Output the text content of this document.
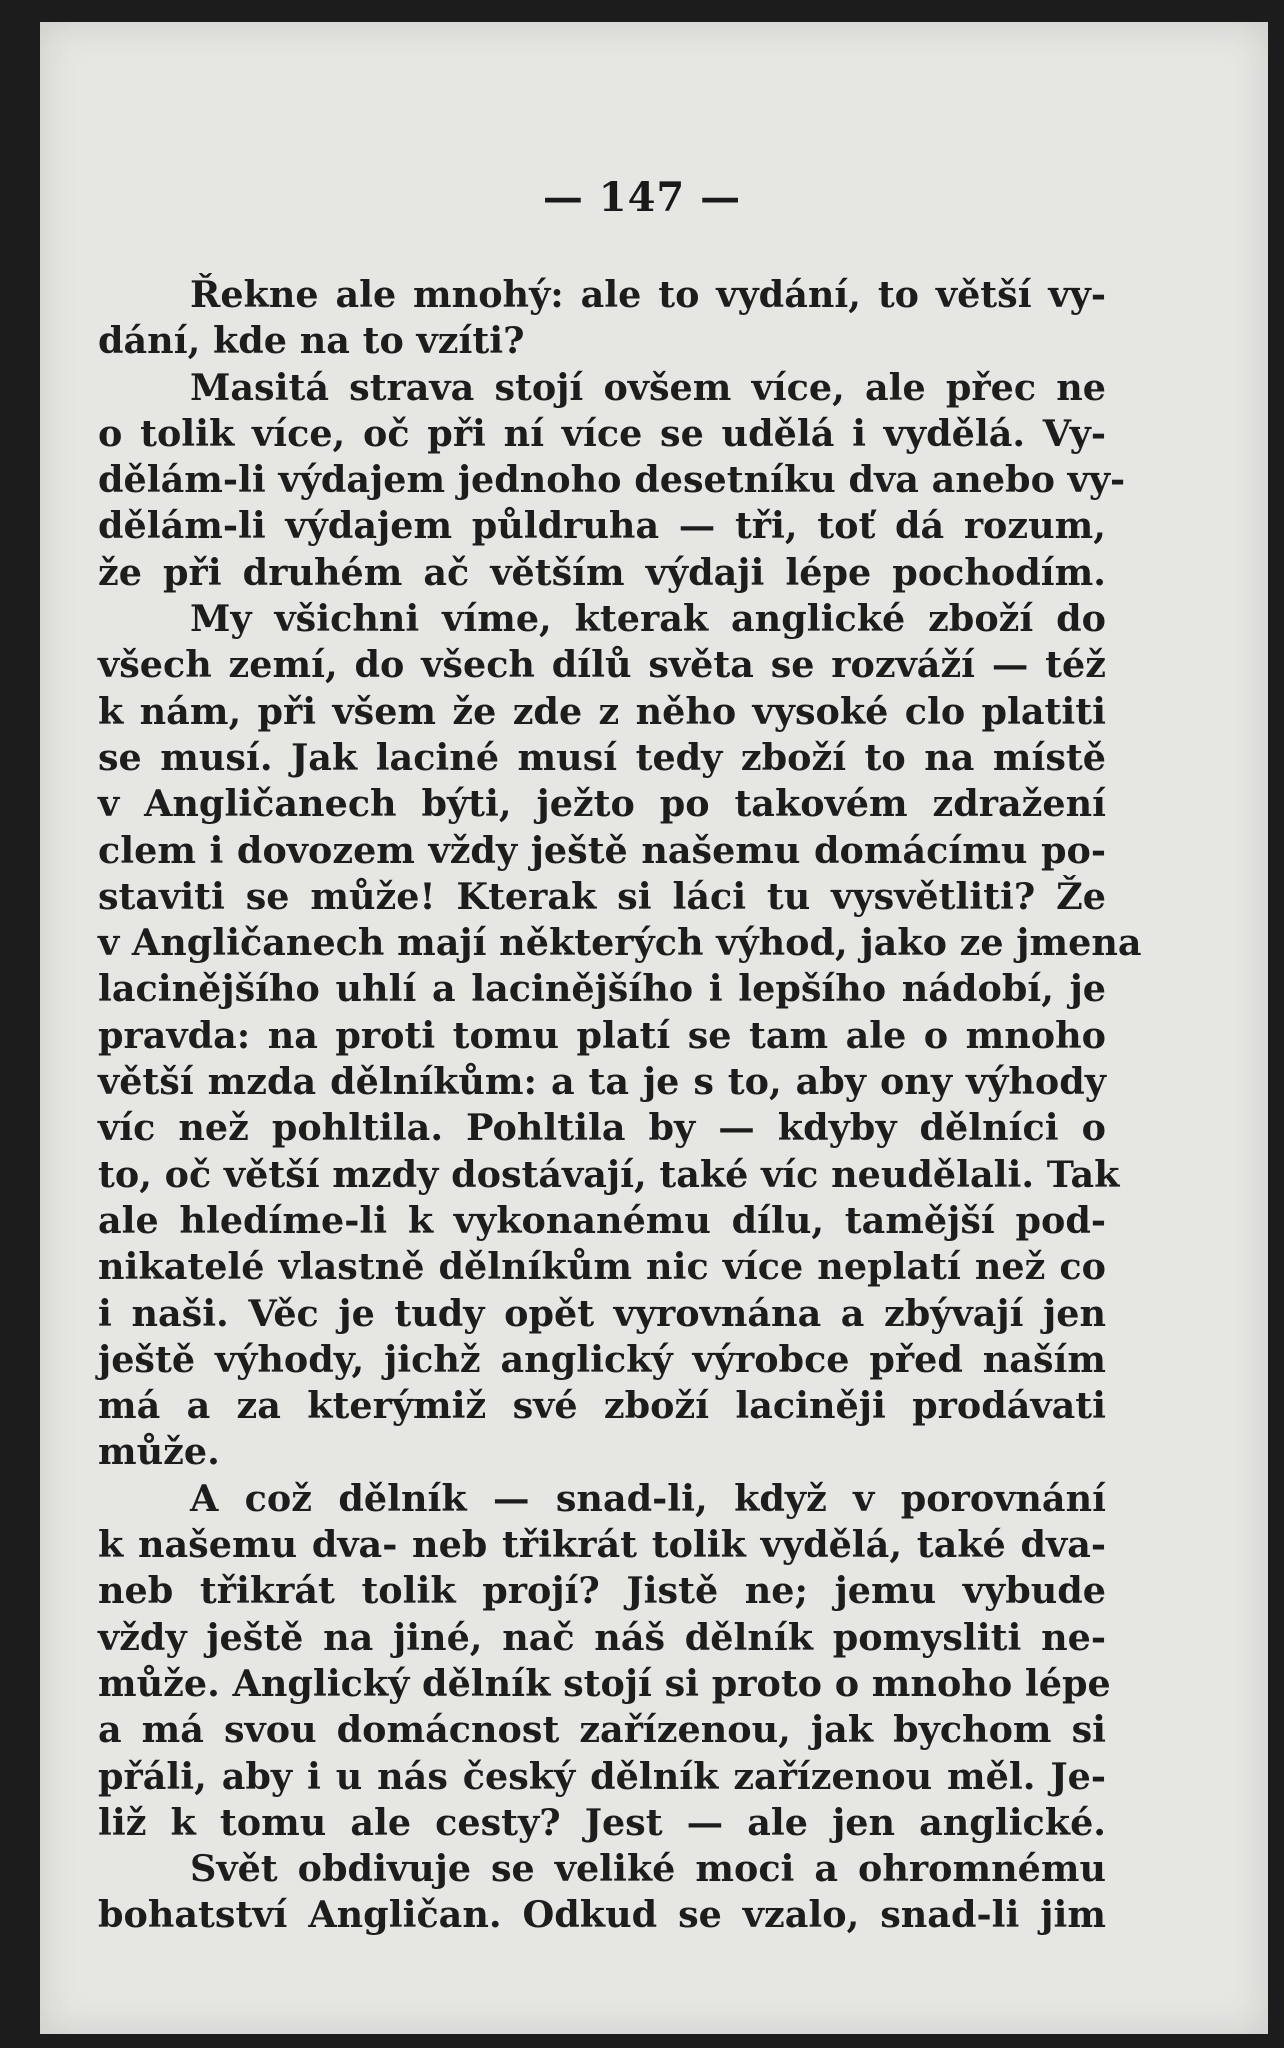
— 147 —
Řekne ale mnohý: ale to vydání, to větší vy-
dání, kde na to vzíti?
Masitá strava stojí ovšem více, ale přec ne
o tolik více, oč při ní více se udělá i vydělá. Vy-
dělám-li výdajem jednoho desetníku dva anebo vy-
dělám-li výdajem půldruha — tři, toť dá rozum,
že při druhém ač větším výdaji lépe pochodím.
My všichni víme, kterak anglické zboží do
všech zemí, do všech dílů světa se rozváží — též
k nám, při všem že zde z něho vysoké clo platiti
se musí. Jak laciné musí tedy zboží to na místě
v Angličanech býti, ježto po takovém zdražení
clem i dovozem vždy ještě našemu domácímu po-
staviti se může! Kterak si láci tu vysvětliti? Že
v Angličanech mají některých výhod, jako ze jmena
lacinějšího uhlí a lacinějšího i lepšího nádobí, je
pravda: na proti tomu platí se tam ale o mnoho
větší mzda dělníkům: a ta je s to, aby ony výhody
víc než pohltila. Pohltila by — kdyby dělníci o
to, oč větší mzdy dostávají, také víc neudělali. Tak
ale hledíme-li k vykonanému dílu, tamější pod-
nikatelé vlastně dělníkům nic více neplatí než co
i naši. Věc je tudy opět vyrovnána a zbývají jen
ještě výhody, jichž anglický výrobce před naším
má a za kterýmiž své zboží laciněji prodávati
může.
A což dělník — snad-li, když v porovnání
k našemu dva- neb třikrát tolik vydělá, také dva-
neb třikrát tolik projí? Jistě ne; jemu vybude
vždy ještě na jiné, nač náš dělník pomysliti ne-
může. Anglický dělník stojí si proto o mnoho lépe
a má svou domácnost zařízenou, jak bychom si
přáli, aby i u nás český dělník zařízenou měl. Je-
liž k tomu ale cesty? Jest — ale jen anglické.
Svět obdivuje se veliké moci a ohromnému
bohatství Angličan. Odkud se vzalo, snad-li jim
